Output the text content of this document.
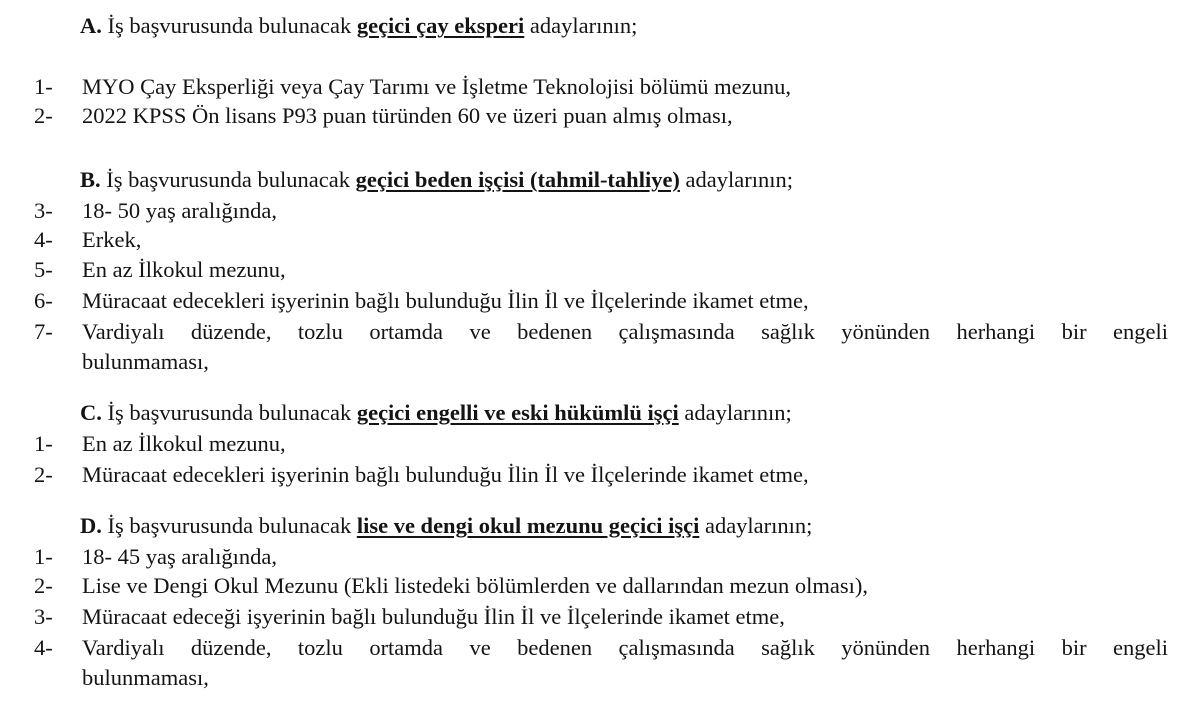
A. İş başvurusunda bulunacak geçici çay eksperi adaylarının;
1- MYO Çay Eksperliği veya Çay Tarımı ve İşletme Teknolojisi bölümü mezunu,
2- 2022 KPSS Ön lisans P93 puan türünden 60 ve üzeri puan almış olması,
B. İş başvurusunda bulunacak geçici beden işçisi (tahmil-tahliye) adaylarının;
3- 18- 50 yaş aralığında,
4- Erkek,
5- En az İlkokul mezunu,
6- Müracaat edecekleri işyerinin bağlı bulunduğu İlin İl ve İlçelerinde ikamet etme,
7- Vardiyalı düzende, tozlu ortamda ve bedenen çalışmasında sağlık yönünden herhangi bir engeli
bulunmaması,
C. İş başvurusunda bulunacak geçici engelli ve eski hükümlü işçi adaylarının;
1- En az İlkokul mezunu,
2- Müracaat edecekleri işyerinin bağlı bulunduğu İlin İl ve İlçelerinde ikamet etme,
D. İş başvurusunda bulunacak lise ve dengi okul mezunu geçici işçi adaylarının;
1- 18- 45 yaş aralığında,
2- Lise ve Dengi Okul Mezunu (Ekli listedeki bölümlerden ve dallarından mezun olması),
3- Müracaat edeceği işyerinin bağlı bulunduğu İlin İl ve İlçelerinde ikamet etme,
4- Vardiyalı düzende, tozlu ortamda ve bedenen çalışmasında sağlık yönünden herhangi bir engeli
bulunmaması,
